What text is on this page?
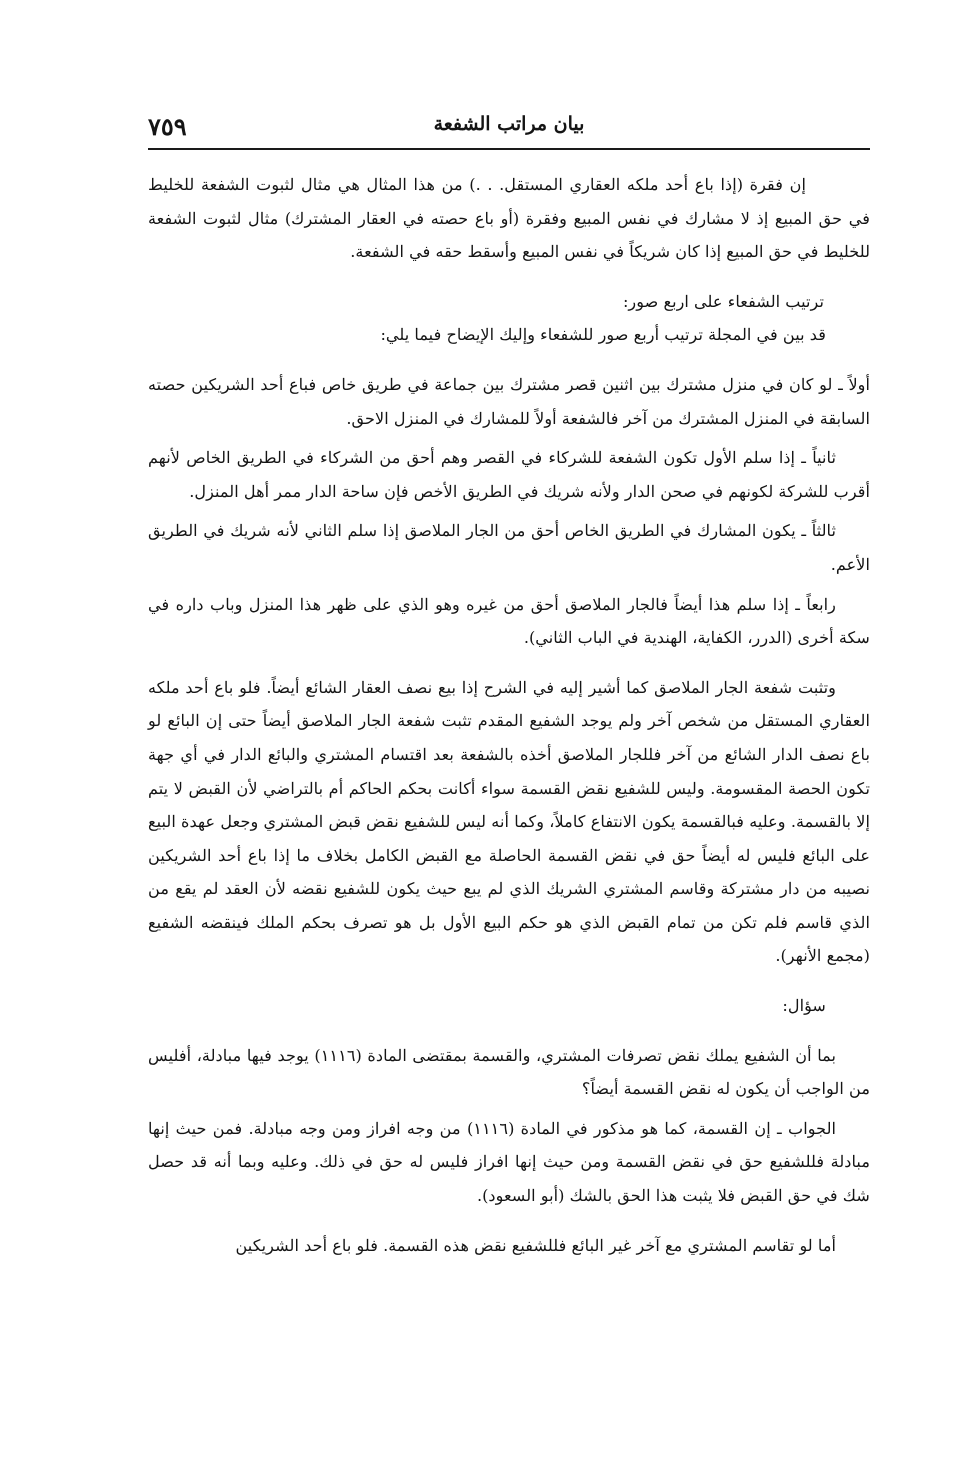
٧٥٩	بيان مراتب الشفعة

إن فقرة (إذا باع أحد ملكه العقاري المستقل. . .) من هذا المثال هي مثال لثبوت الشفعة للخليط في حق المبيع إذ لا مشارك في نفس المبيع وفقرة (أو باع حصته في العقار المشترك) مثال لثبوت الشفعة للخليط في حق المبيع إذا كان شريكاً في نفس المبيع وأسقط حقه في الشفعة.

ترتيب الشفعاء على اربع صور:

قد بين في المجلة ترتيب أربع صور للشفعاء وإليك الإيضاح فيما يلي:

أولاً ـ لو كان في منزل مشترك بين اثنين قصر مشترك بين جماعة في طريق خاص فباع أحد الشريكين حصته السابقة في المنزل المشترك من آخر فالشفعة أولاً للمشارك في المنزل الاحق.

ثانياً ـ إذا سلم الأول تكون الشفعة للشركاء في القصر وهم أحق من الشركاء في الطريق الخاص لأنهم أقرب للشركة لكونهم في صحن الدار ولأنه شريك في الطريق الأخص فإن ساحة الدار ممر أهل المنزل.

ثالثاً ـ يكون المشارك في الطريق الخاص أحق من الجار الملاصق إذا سلم الثاني لأنه شريك في الطريق الأعم.

رابعاً ـ إذا سلم هذا أيضاً فالجار الملاصق أحق من غيره وهو الذي على ظهر هذا المنزل وباب داره في سكة أخرى (الدرر، الكفاية، الهندية في الباب الثاني).

وتثبت شفعة الجار الملاصق كما أشير إليه في الشرح إذا بيع نصف العقار الشائع أيضاً. فلو باع أحد ملكه العقاري المستقل من شخص آخر ولم يوجد الشفيع المقدم تثبت شفعة الجار الملاصق أيضاً حتى إن البائع لو باع نصف الدار الشائع من آخر فللجار الملاصق أخذه بالشفعة بعد اقتسام المشتري والبائع الدار في أي جهة تكون الحصة المقسومة. وليس للشفيع نقض القسمة سواء أكانت بحكم الحاكم أم بالتراضي لأن القبض لا يتم إلا بالقسمة. وعليه فبالقسمة يكون الانتفاع كاملاً، وكما أنه ليس للشفيع نقض قبض المشتري وجعل عهدة البيع على البائع فليس له أيضاً حق في نقض القسمة الحاصلة مع القبض الكامل بخلاف ما إذا باع أحد الشريكين نصيبه من دار مشتركة وقاسم المشتري الشريك الذي لم يبع حيث يكون للشفيع نقضه لأن العقد لم يقع من الذي قاسم فلم تكن من تمام القبض الذي هو حكم البيع الأول بل هو تصرف بحكم الملك فينقضه الشفيع (مجمع الأنهر).

سؤال:

بما أن الشفيع يملك نقض تصرفات المشتري، والقسمة بمقتضى المادة (١١١٦) يوجد فيها مبادلة، أفليس من الواجب أن يكون له نقض القسمة أيضاً؟

الجواب ـ إن القسمة، كما هو مذكور في المادة (١١١٦) من وجه افراز ومن وجه مبادلة. فمن حيث إنها مبادلة فللشفيع حق في نقض القسمة ومن حيث إنها افراز فليس له حق في ذلك. وعليه وبما أنه قد حصل شك في حق القبض فلا يثبت هذا الحق بالشك (أبو السعود).

أما لو تقاسم المشتري مع آخر غير البائع فللشفيع نقض هذه القسمة. فلو باع أحد الشريكين
